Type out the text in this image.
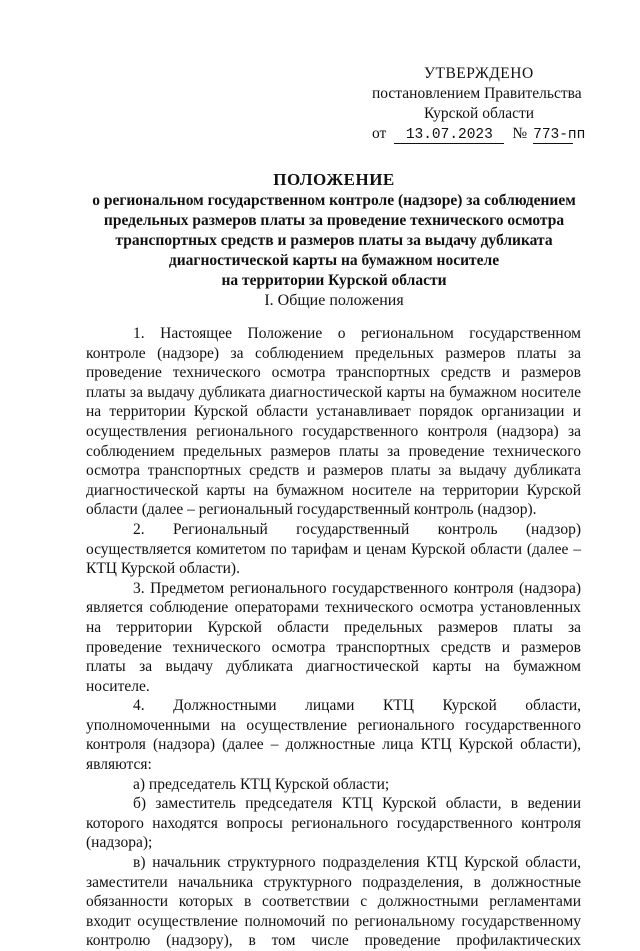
УТВЕРЖДЕНО
постановлением Правительства
Курской области
от	13.07.2023	№ 773-пп
ПОЛОЖЕНИЕ
о региональном государственном контроле (надзоре) за соблюдением
предельных размеров платы за проведение технического осмотра
транспортных средств и размеров платы за выдачу дубликата
диагностической карты на бумажном носителе
на территории Курской области
I. Общие положения

1. Настоящее Положение о региональном государственном контроле (надзоре) за соблюдением предельных размеров платы за проведение технического осмотра транспортных средств и размеров платы за выдачу дубликата диагностической карты на бумажном носителе на территории Курской области устанавливает порядок организации и осуществления регионального государственного контроля (надзора) за соблюдением предельных размеров платы за проведение технического осмотра транспортных средств и размеров платы за выдачу дубликата диагностической карты на бумажном носителе на территории Курской области (далее – региональный государственный контроль (надзор).

2. Региональный государственный контроль (надзор) осуществляется комитетом по тарифам и ценам Курской области (далее – КТЦ Курской области).

3. Предметом регионального государственного контроля (надзора) является соблюдение операторами технического осмотра установленных на территории Курской области предельных размеров платы за проведение технического осмотра транспортных средств и размеров платы за выдачу дубликата диагностической карты на бумажном носителе.

4. Должностными лицами КТЦ Курской области, уполномоченными на осуществление регионального государственного контроля (надзора) (далее – должностные лица КТЦ Курской области), являются:

а) председатель КТЦ Курской области;

б) заместитель председателя КТЦ Курской области, в ведении которого находятся вопросы регионального государственного контроля (надзора);

в) начальник структурного подразделения КТЦ Курской области, заместители начальника структурного подразделения, в должностные обязанности которых в соответствии с должностными регламентами входит осуществление полномочий по региональному государственному контролю (надзору), в том числе проведение профилактических
